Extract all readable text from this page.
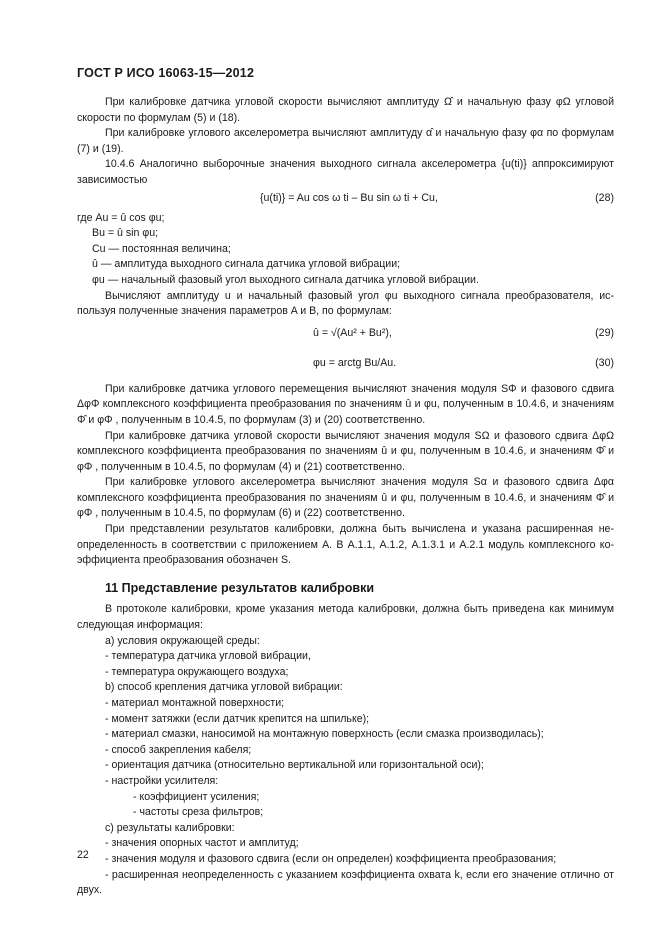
ГОСТ Р ИСО 16063-15—2012

При калибровке датчика угловой скорости вычисляют амплитуду Ω̂ и начальную фазу φΩ угловой скорости по формулам (5) и (18).

При калибровке углового акселерометра вычисляют амплитуду α̂ и начальную фазу φα по формулам (7) и (19).

10.4.6 Аналогично выборочные значения выходного сигнала акселерометра {u(ti)} аппроксимируют зависимостью

{u(ti)} = Au cos ω ti – Bu sin ω ti + Cu,	(28)

где Au = û cos φu;

Bu = û sin φu;

Cu — постоянная величина;

û — амплитуда выходного сигнала датчика угловой вибрации;

φu — начальный фазовый угол выходного сигнала датчика угловой вибрации.

Вычисляют амплитуду u и начальный фазовый угол φu выходного сигнала преобразователя, используя полученные значения параметров A и B, по формулам:

û = √(Au² + Bu²),	(29)
φu = arctg Bu/Au.	(30)

При калибровке датчика углового перемещения вычисляют значения модуля SΦ и фазового сдвига ΔφΦ комплексного коэффициента преобразования по значениям û и φu, полученным в 10.4.6, и значениям Φ̂ и φΦ , полученным в 10.4.5, по формулам (3) и (20) соответственно.

При калибровке датчика угловой скорости вычисляют значения модуля SΩ и фазового сдвига ΔφΩ комплексного коэффициента преобразования по значениям û и φu, полученным в 10.4.6, и значениям Φ̂ и φΦ , полученным в 10.4.5, по формулам (4) и (21) соответственно.

При калибровке углового акселерометра вычисляют значения модуля Sα и фазового сдвига Δφα комплексного коэффициента преобразования по значениям û и φu, полученным в 10.4.6, и значениям Φ̂ и φΦ , полученным в 10.4.5, по формулам (6) и (22) соответственно.

При представлении результатов калибровки, должна быть вычислена и указана расширенная неопределенность в соответствии с приложением А. В А.1.1, А.1.2, А.1.3.1 и А.2.1 модуль комплексного коэффициента преобразования обозначен S.

11 Представление результатов калибровки

В протоколе калибровки, кроме указания метода калибровки, должна быть приведена как минимум следующая информация:

a) условия окружающей среды:

- температура датчика угловой вибрации,

- температура окружающего воздуха;

b) способ крепления датчика угловой вибрации:

- материал монтажной поверхности;

- момент затяжки (если датчик крепится на шпильке);

- материал смазки, наносимой на монтажную поверхность (если смазка производилась);

- способ закрепления кабеля;

- ориентация датчика (относительно вертикальной или горизонтальной оси);

- настройки усилителя:

- коэффициент усиления;

- частоты среза фильтров;

c) результаты калибровки:

- значения опорных частот и амплитуд;

- значения модуля и фазового сдвига (если он определен) коэффициента преобразования;

- расширенная неопределенность с указанием коэффициента охвата k, если его значение отлично от двух.

22
